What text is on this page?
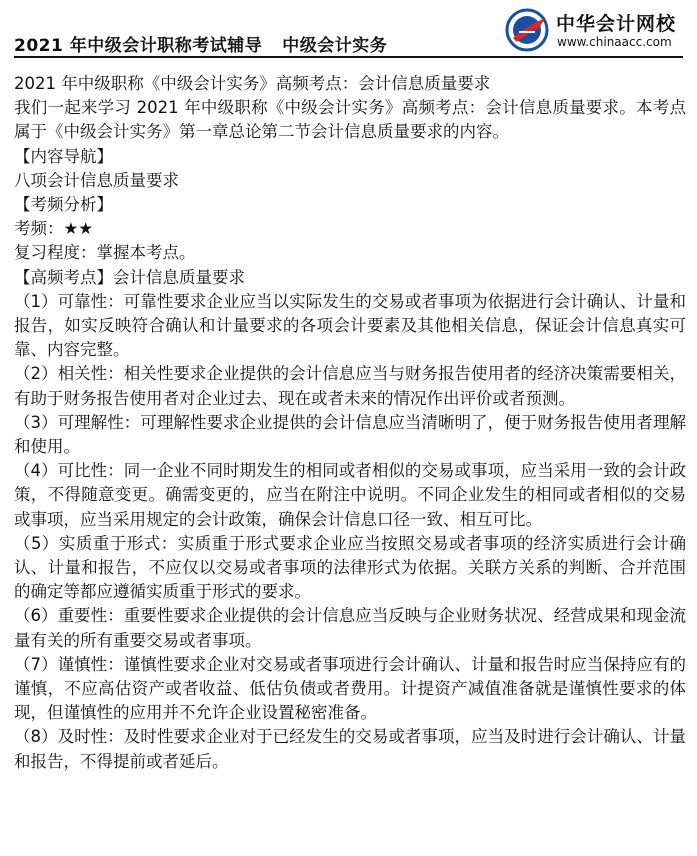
2021 年中级会计职称考试辅导 中级会计实务
中华会计网校
www.chinaacc.com

2021 年中级职称《中级会计实务》高频考点：会计信息质量要求

我们一起来学习 2021 年中级职称《中级会计实务》高频考点：会计信息质量要求。本考点属于《中级会计实务》第一章总论第二节会计信息质量要求的内容。

【内容导航】

八项会计信息质量要求

【考频分析】

考频：★★

复习程度：掌握本考点。

【高频考点】会计信息质量要求

（1）可靠性：可靠性要求企业应当以实际发生的交易或者事项为依据进行会计确认、计量和报告，如实反映符合确认和计量要求的各项会计要素及其他相关信息，保证会计信息真实可靠、内容完整。

（2）相关性：相关性要求企业提供的会计信息应当与财务报告使用者的经济决策需要相关，有助于财务报告使用者对企业过去、现在或者未来的情况作出评价或者预测。

（3）可理解性：可理解性要求企业提供的会计信息应当清晰明了，便于财务报告使用者理解和使用。

（4）可比性：同一企业不同时期发生的相同或者相似的交易或事项，应当采用一致的会计政策，不得随意变更。确需变更的，应当在附注中说明。不同企业发生的相同或者相似的交易或事项，应当采用规定的会计政策，确保会计信息口径一致、相互可比。

（5）实质重于形式：实质重于形式要求企业应当按照交易或者事项的经济实质进行会计确认、计量和报告，不应仅以交易或者事项的法律形式为依据。关联方关系的判断、合并范围的确定等都应遵循实质重于形式的要求。

（6）重要性：重要性要求企业提供的会计信息应当反映与企业财务状况、经营成果和现金流量有关的所有重要交易或者事项。

（7）谨慎性：谨慎性要求企业对交易或者事项进行会计确认、计量和报告时应当保持应有的谨慎，不应高估资产或者收益、低估负债或者费用。计提资产减值准备就是谨慎性要求的体现，但谨慎性的应用并不允许企业设置秘密准备。

（8）及时性：及时性要求企业对于已经发生的交易或者事项，应当及时进行会计确认、计量和报告，不得提前或者延后。
